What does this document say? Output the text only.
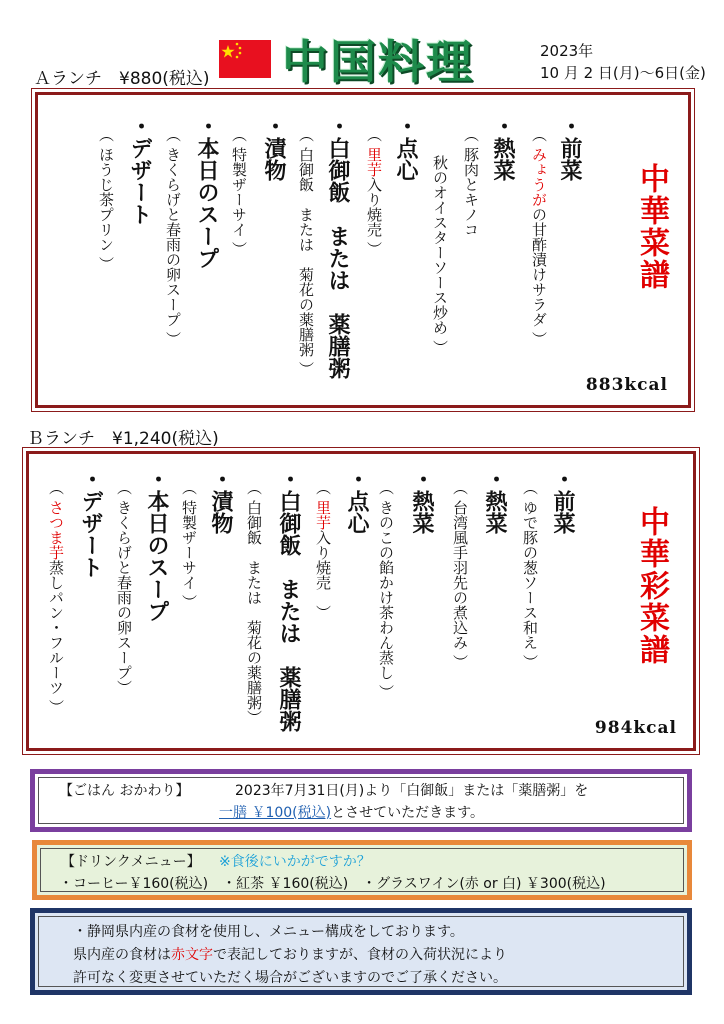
中国料理	2023年
10 月 2 日(月)～6日(金)
Ａランチ　¥880(税込)
中華菜譜
・前菜
（ みょうがの甘酢漬けサラダ ）
・熱菜
（ 豚肉とキノコ
秋のオイスターソース炒め ）
・点心
（ 里芋入り焼売 ）
・白御飯　または　薬膳粥
（ 白御飯　または　菊花の薬膳粥 ）
・漬物
（ 特製ザーサイ ）
・本日のスープ
（ きくらげと春雨の卵スープ ）
・デザート
（ ほうじ茶プリン ）
883kcal
Ｂランチ　¥1,240(税込)
中華彩菜譜
・前菜
（ ゆで豚の葱ソース和え ）
・熱菜
（ 台湾風手羽先の煮込み ）
・熱菜
（ きのこの餡かけ茶わん蒸し ）
・点心
（ 里芋入り焼売　）
・白御飯　または　薬膳粥
（ 白御飯　または　菊花の薬膳粥）
・漬物
（ 特製ザーサイ ）
・本日のスープ
（ きくらげと春雨の卵スープ）
・デザート
（ さつま芋蒸しパン・フルーツ ）
984kcal
【ごはん おかわり】	2023年7月31日(月)より「白御飯」または「薬膳粥」を
一膳 ￥100(税込)とさせていただきます。
【ドリンクメニュー】 ※食後にいかがですか？
・コーヒー￥160(税込)　・紅茶 ￥160(税込)　・グラスワイン(赤 or 白) ￥300(税込)
・静岡県内産の食材を使用し、メニュー構成をしております。
県内産の食材は赤文字で表記しておりますが、食材の入荷状況により
許可なく変更させていただく場合がございますのでご了承ください。
